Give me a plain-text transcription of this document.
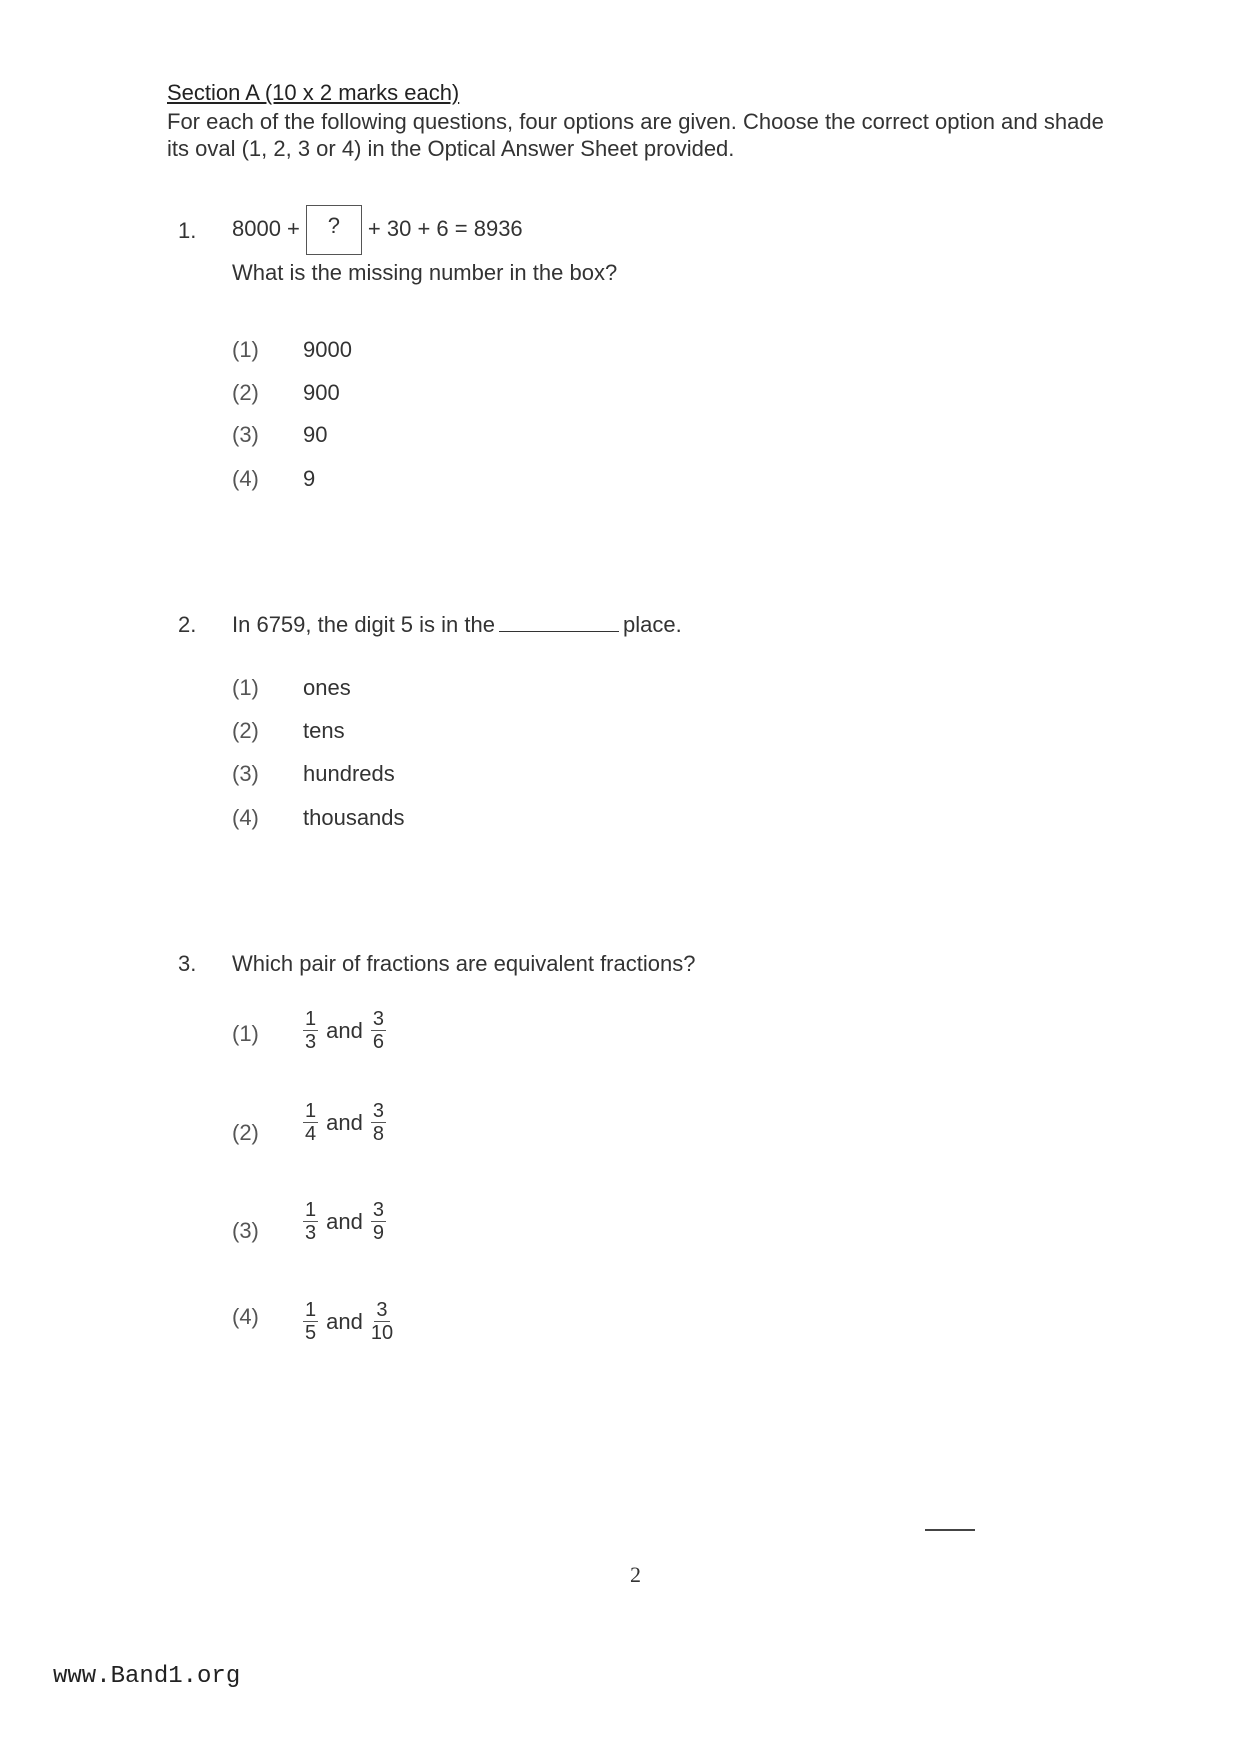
Section A (10 x 2 marks each)
For each of the following questions, four options are given. Choose the correct option and shade its oval (1, 2, 3 or 4) in the Optical Answer Sheet provided.
1. 8000 + ? + 30 + 6 = 8936
What is the missing number in the box?
(1) 9000
(2) 900
(3) 90
(4) 9
2. In 6759, the digit 5 is in the	place.
(1) ones
(2) tens
(3) hundreds
(4) thousands
3. Which pair of fractions are equivalent fractions?
$(1) \frac{1}{3}$ and $\frac{3}{6}$
$(2) \frac{1}{4}$ and $\frac{3}{8}$
$(3) \frac{1}{3}$ and $\frac{3}{9}$
$(4) \frac{1}{5}$ and $\frac{3}{10}$
2
www.Band1.org
